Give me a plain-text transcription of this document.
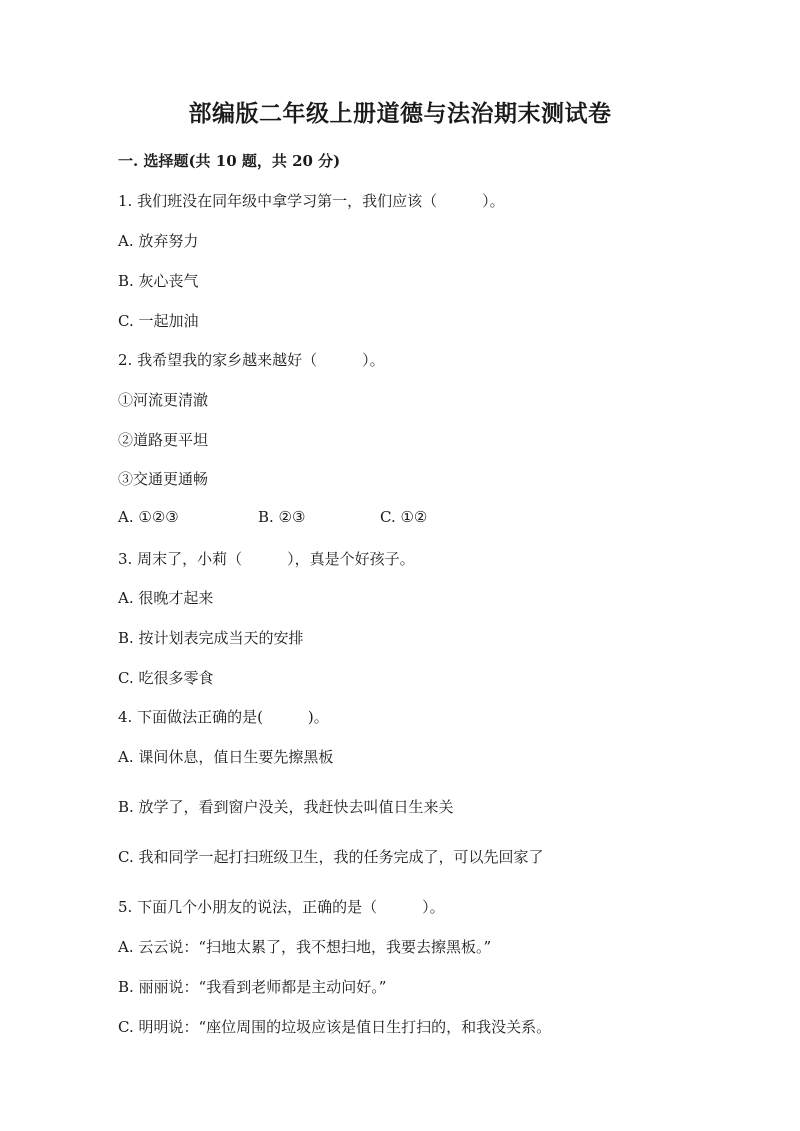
部编版二年级上册道德与法治期末测试卷
一. 选择题(共 10 题，共 20 分)
1. 我们班没在同年级中拿学习第一，我们应该（　　　）。
A. 放弃努力
B. 灰心丧气
C. 一起加油
2. 我希望我的家乡越来越好（　　　）。
①河流更清澈
②道路更平坦
③交通更通畅
A. ①②③	B. ②③	C. ①②
3. 周末了，小莉（　　　），真是个好孩子。
A. 很晚才起来
B. 按计划表完成当天的安排
C. 吃很多零食
4. 下面做法正确的是(　　　)。
A. 课间休息，值日生要先擦黑板
B. 放学了，看到窗户没关，我赶快去叫值日生来关
C. 我和同学一起打扫班级卫生，我的任务完成了，可以先回家了
5. 下面几个小朋友的说法，正确的是（　　　）。
A. 云云说：“扫地太累了，我不想扫地，我要去擦黑板。”
B. 丽丽说：“我看到老师都是主动问好。”
C. 明明说：“座位周围的垃圾应该是值日生打扫的，和我没关系。
